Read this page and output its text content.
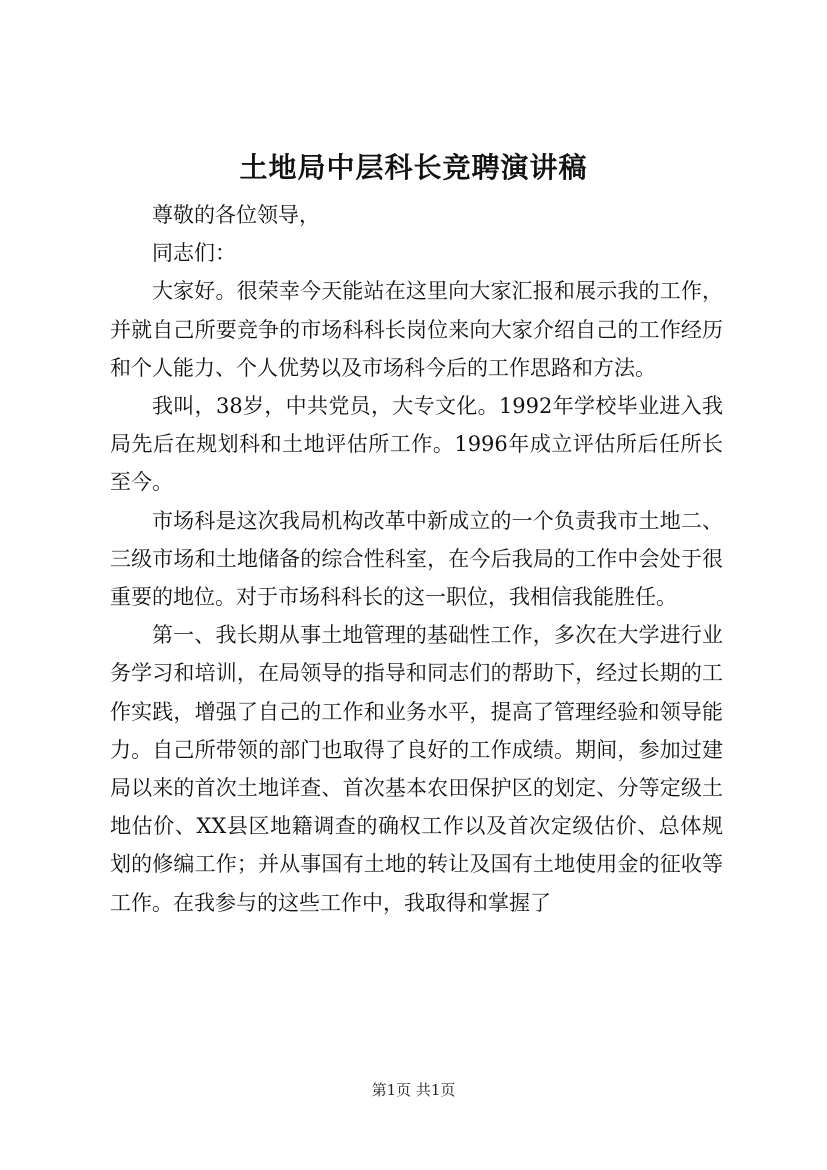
土地局中层科长竞聘演讲稿

尊敬的各位领导，

同志们：

大家好。很荣幸今天能站在这里向大家汇报和展示我的工作，并就自己所要竞争的市场科科长岗位来向大家介绍自己的工作经历和个人能力、个人优势以及市场科今后的工作思路和方法。

我叫，38岁，中共党员，大专文化。1992年学校毕业进入我局先后在规划科和土地评估所工作。1996年成立评估所后任所长至今。

市场科是这次我局机构改革中新成立的一个负责我市土地二、三级市场和土地储备的综合性科室，在今后我局的工作中会处于很重要的地位。对于市场科科长的这一职位，我相信我能胜任。

第一、我长期从事土地管理的基础性工作，多次在大学进行业务学习和培训，在局领导的指导和同志们的帮助下，经过长期的工作实践，增强了自己的工作和业务水平，提高了管理经验和领导能力。自己所带领的部门也取得了良好的工作成绩。期间，参加过建局以来的首次土地详查、首次基本农田保护区的划定、分等定级土地估价、XX县区地籍调查的确权工作以及首次定级估价、总体规划的修编工作；并从事国有土地的转让及国有土地使用金的征收等工作。在我参与的这些工作中，我取得和掌握了

第1页 共1页
